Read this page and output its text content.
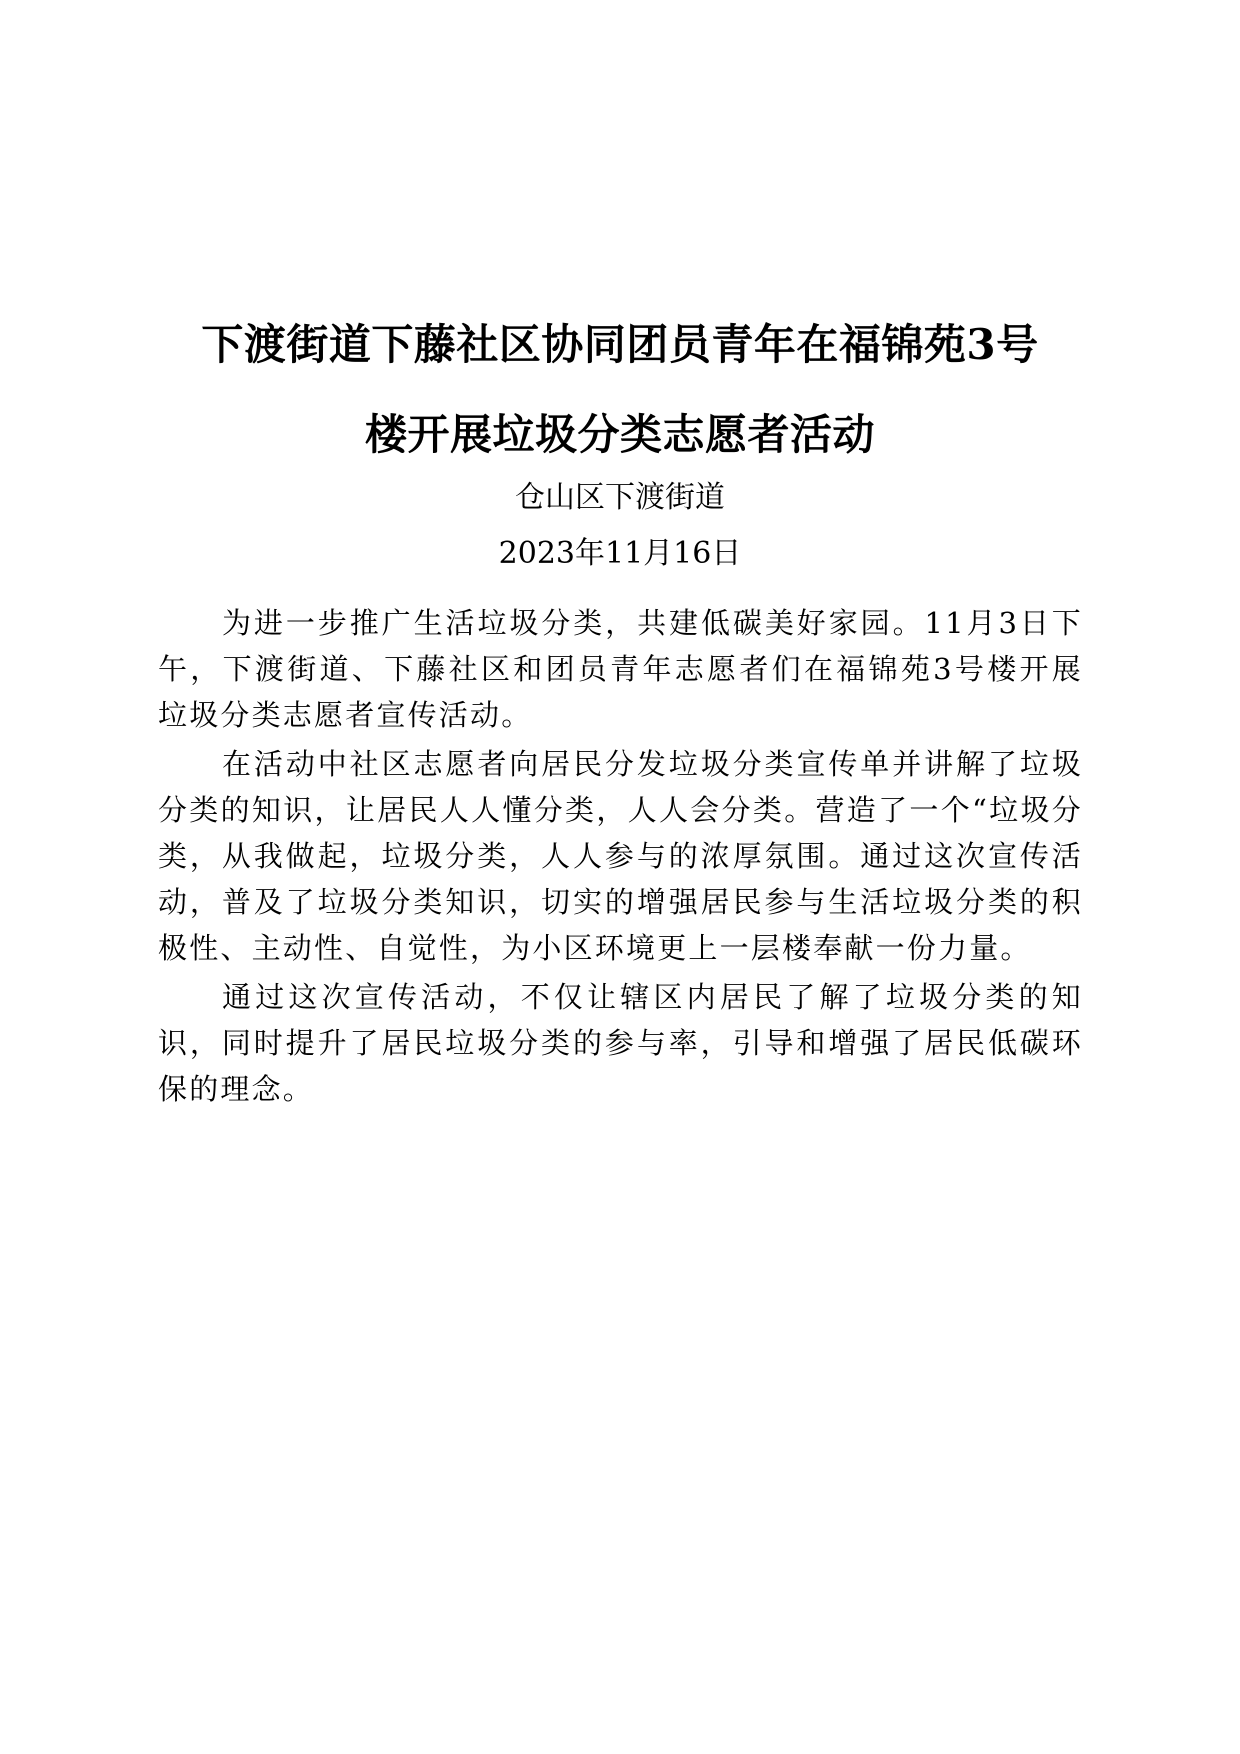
下渡街道下藤社区协同团员青年在福锦苑3号
楼开展垃圾分类志愿者活动
仓山区下渡街道
2023年11月16日

为进一步推广生活垃圾分类，共建低碳美好家园。11月3日下午，下渡街道、下藤社区和团员青年志愿者们在福锦苑3号楼开展垃圾分类志愿者宣传活动。

在活动中社区志愿者向居民分发垃圾分类宣传单并讲解了垃圾分类的知识，让居民人人懂分类，人人会分类。营造了一个“垃圾分类，从我做起，垃圾分类，人人参与的浓厚氛围。通过这次宣传活动，普及了垃圾分类知识，切实的增强居民参与生活垃圾分类的积极性、主动性、自觉性，为小区环境更上一层楼奉献一份力量。

通过这次宣传活动，不仅让辖区内居民了解了垃圾分类的知识，同时提升了居民垃圾分类的参与率，引导和增强了居民低碳环保的理念。
